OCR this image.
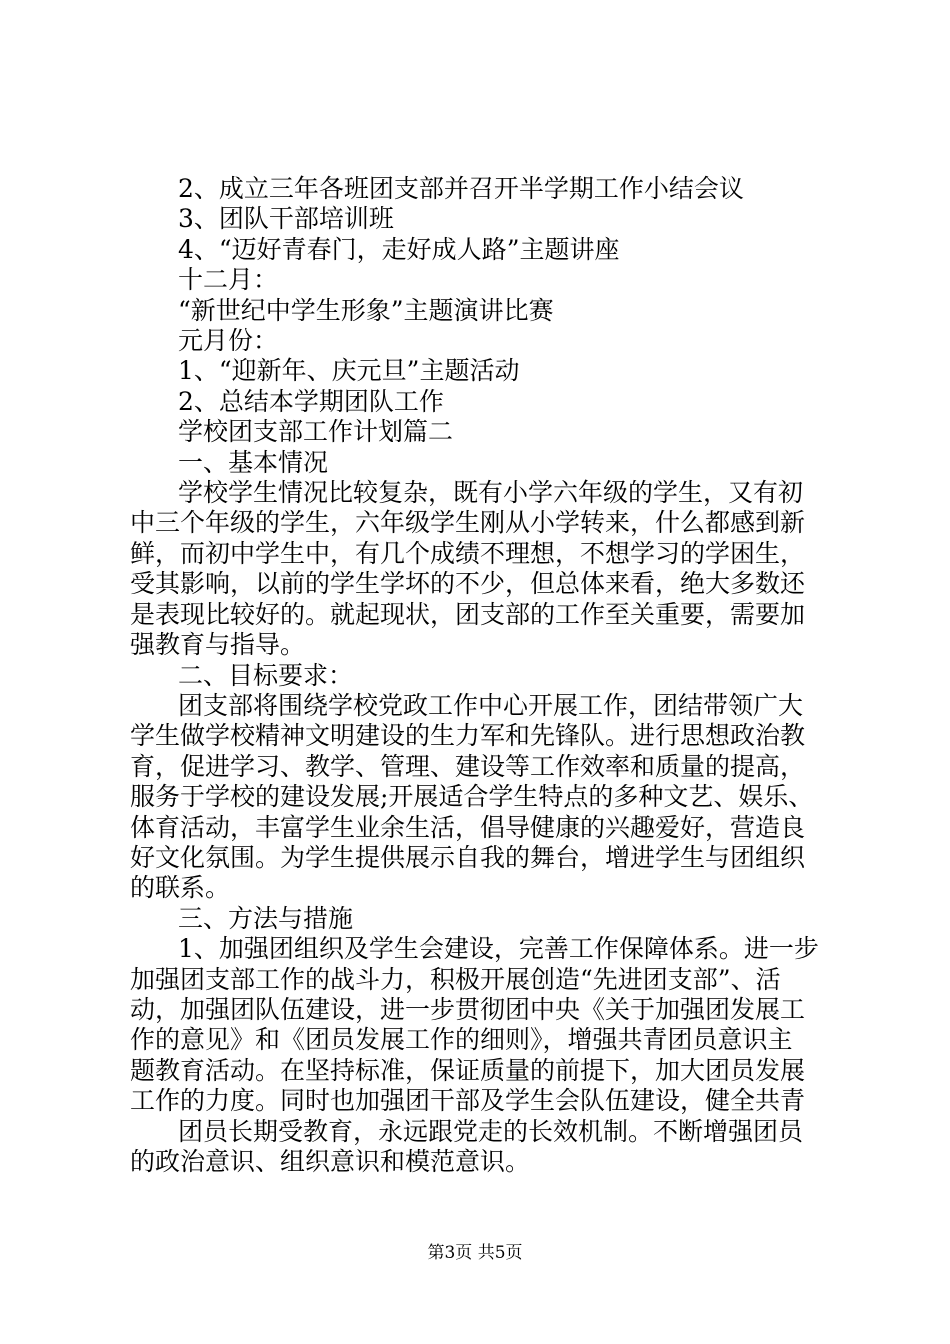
2、成立三年各班团支部并召开半学期工作小结会议

3、团队干部培训班

4、“迈好青春门，走好成人路”主题讲座

十二月：

“新世纪中学生形象”主题演讲比赛

元月份：

1、“迎新年、庆元旦”主题活动

2、总结本学期团队工作

学校团支部工作计划篇二

一、基本情况

学校学生情况比较复杂，既有小学六年级的学生，又有初

中三个年级的学生，六年级学生刚从小学转来，什么都感到新

鲜，而初中学生中，有几个成绩不理想，不想学习的学困生，

受其影响，以前的学生学坏的不少，但总体来看，绝大多数还

是表现比较好的。就起现状，团支部的工作至关重要，需要加

强教育与指导。

二、目标要求：

团支部将围绕学校党政工作中心开展工作，团结带领广大

学生做学校精神文明建设的生力军和先锋队。进行思想政治教

育，促进学习、教学、管理、建设等工作效率和质量的提高，

服务于学校的建设发展;开展适合学生特点的多种文艺、娱乐、

体育活动，丰富学生业余生活，倡导健康的兴趣爱好，营造良

好文化氛围。为学生提供展示自我的舞台，增进学生与团组织

的联系。

三、方法与措施

1、加强团组织及学生会建设，完善工作保障体系。进一步

加强团支部工作的战斗力，积极开展创造“先进团支部”、活

动，加强团队伍建设，进一步贯彻团中央《关于加强团发展工

作的意见》和《团员发展工作的细则》，增强共青团员意识主

题教育活动。在坚持标准，保证质量的前提下，加大团员发展

工作的力度。同时也加强团干部及学生会队伍建设，健全共青

团员长期受教育，永远跟党走的长效机制。不断增强团员

的政治意识、组织意识和模范意识。

第3页 共5页
